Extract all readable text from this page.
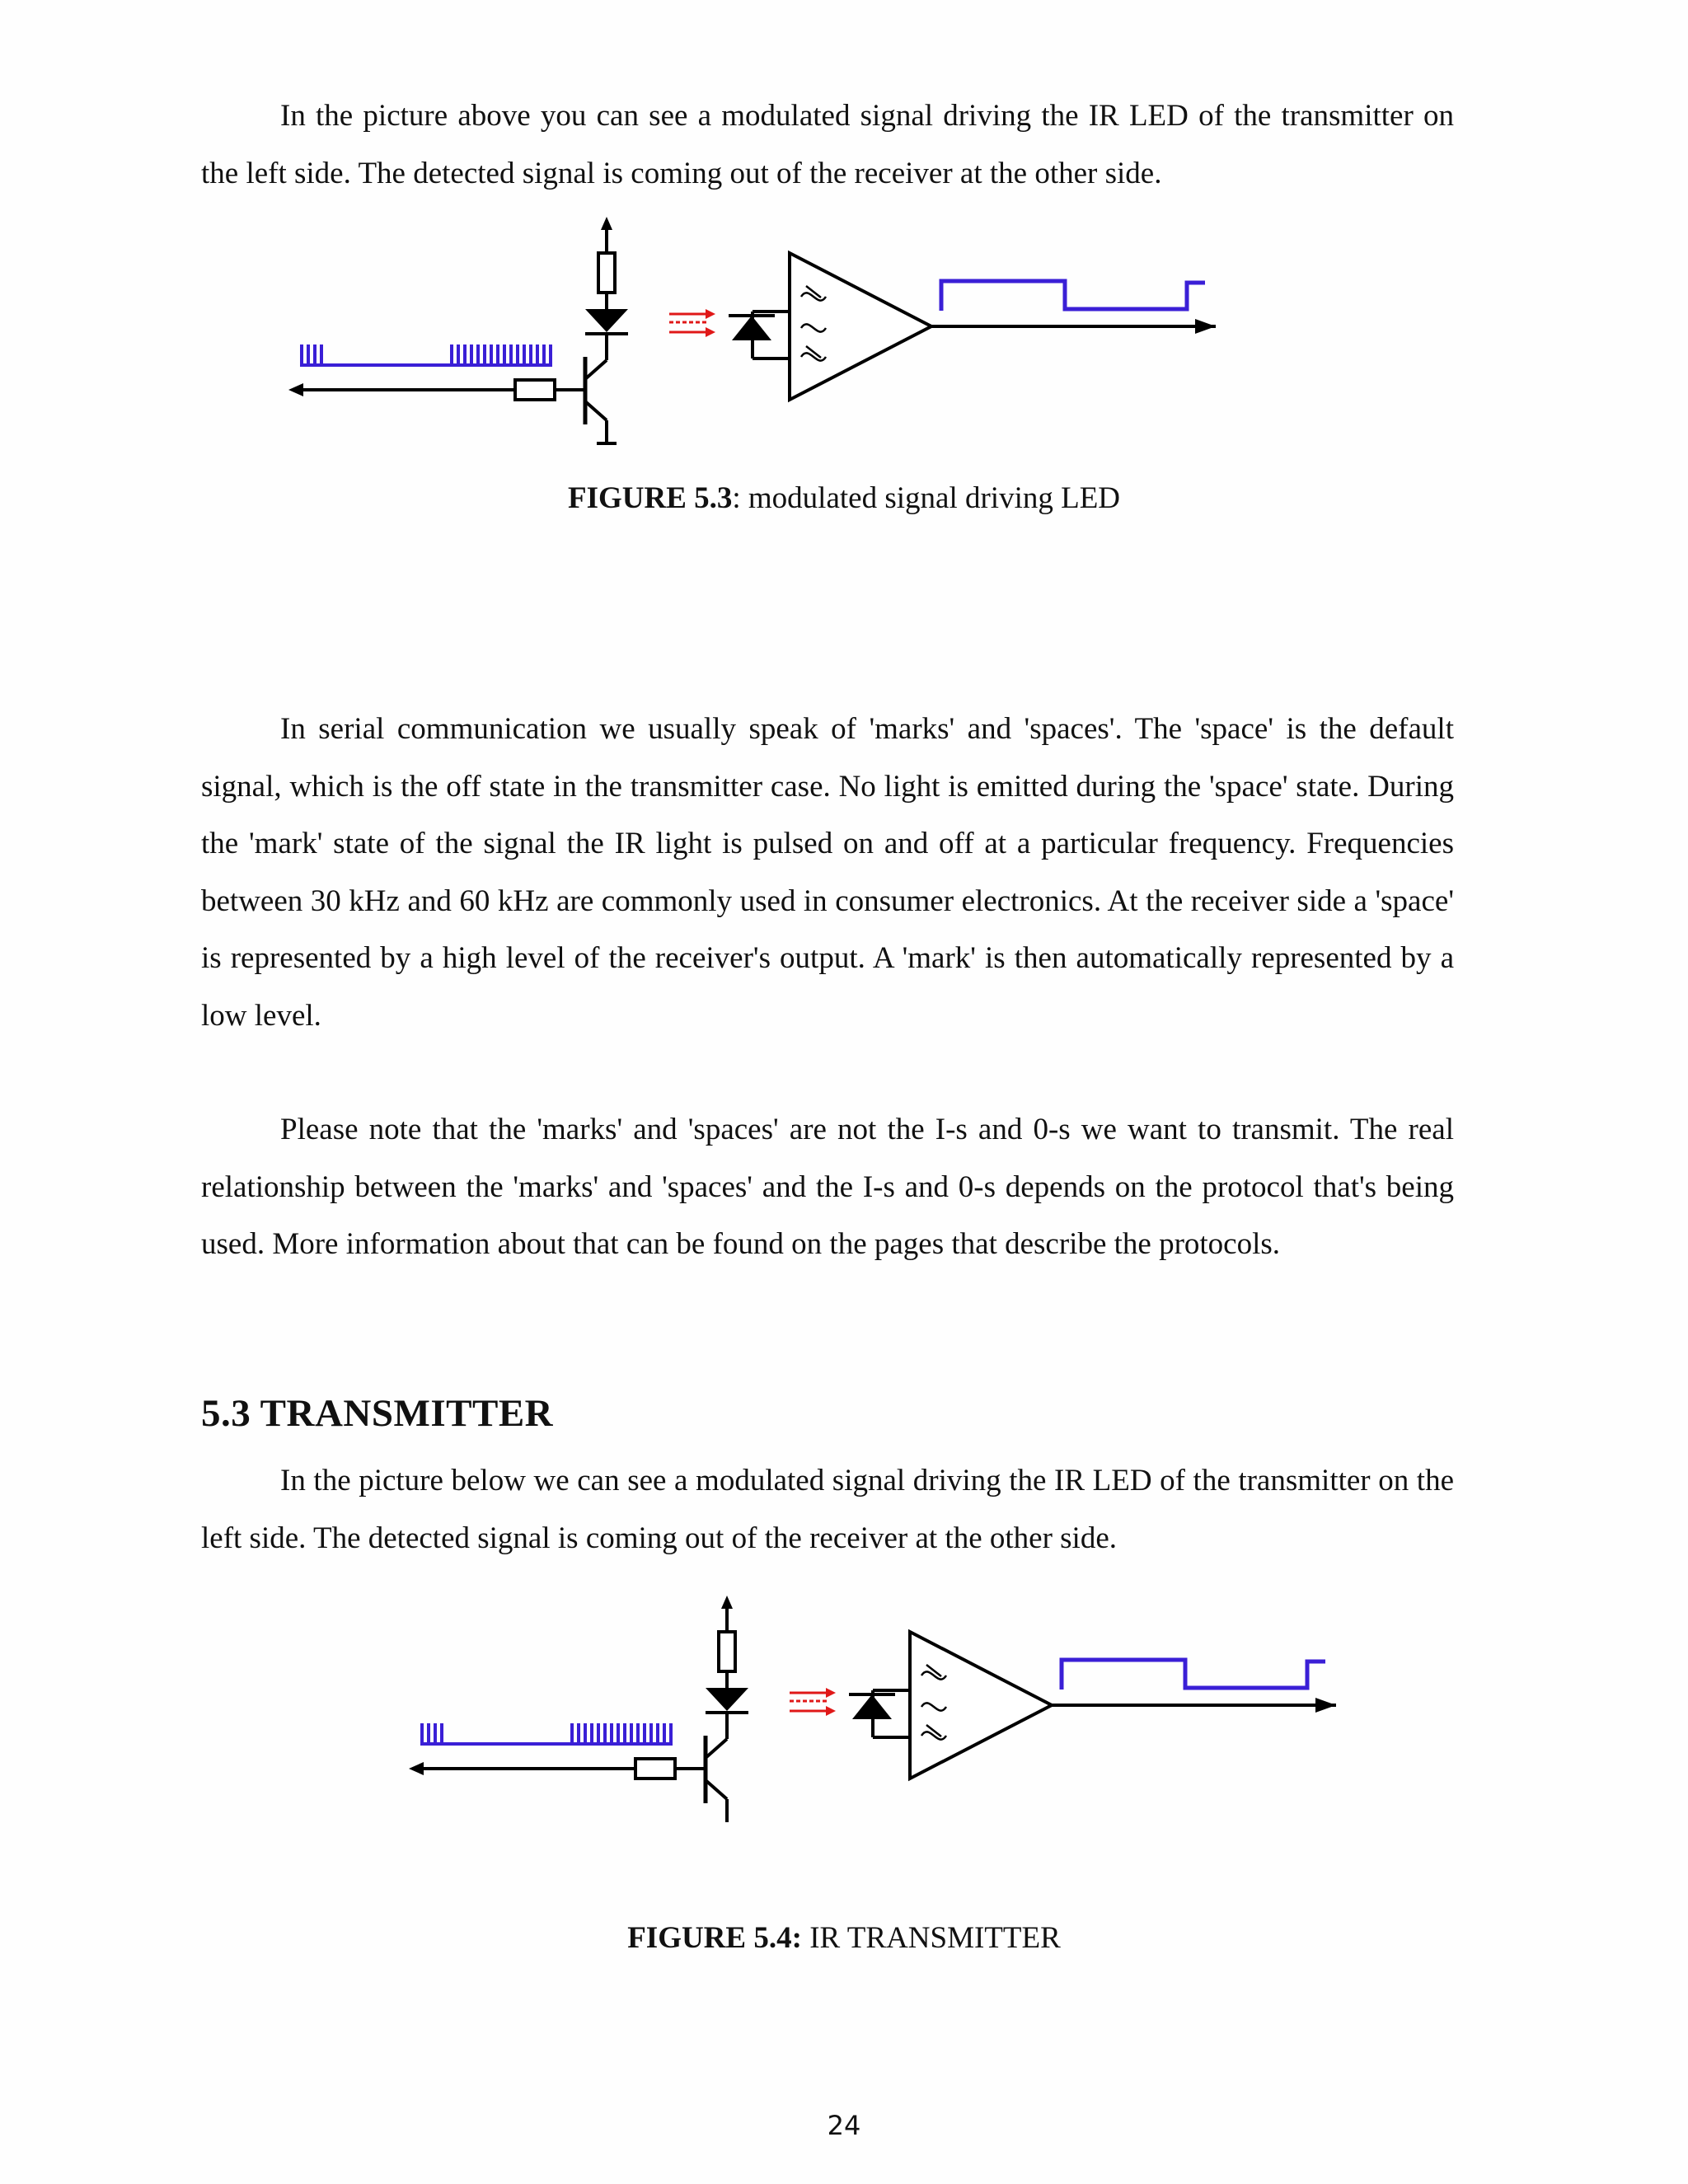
In the picture above you can see a modulated signal driving the IR LED of the transmitter on the left side. The detected signal is coming out of the receiver at the other side.

FIGURE 5.3: modulated signal driving LED

In serial communication we usually speak of 'marks' and 'spaces'. The 'space' is the default signal, which is the off state in the transmitter case. No light is emitted during the 'space' state. During the 'mark' state of the signal the IR light is pulsed on and off at a particular frequency. Frequencies between 30 kHz and 60 kHz are commonly used in consumer electronics. At the receiver side a 'space' is represented by a high level of the receiver's output. A 'mark' is then automatically represented by a low level.

Please note that the 'marks' and 'spaces' are not the I-s and 0-s we want to transmit. The real relationship between the 'marks' and 'spaces' and the I-s and 0-s depends on the protocol that's being used. More information about that can be found on the pages that describe the protocols.

5.3 TRANSMITTER

In the picture below we can see a modulated signal driving the IR LED of the transmitter on the left side. The detected signal is coming out of the receiver at the other side.

FIGURE 5.4: IR TRANSMITTER

24
